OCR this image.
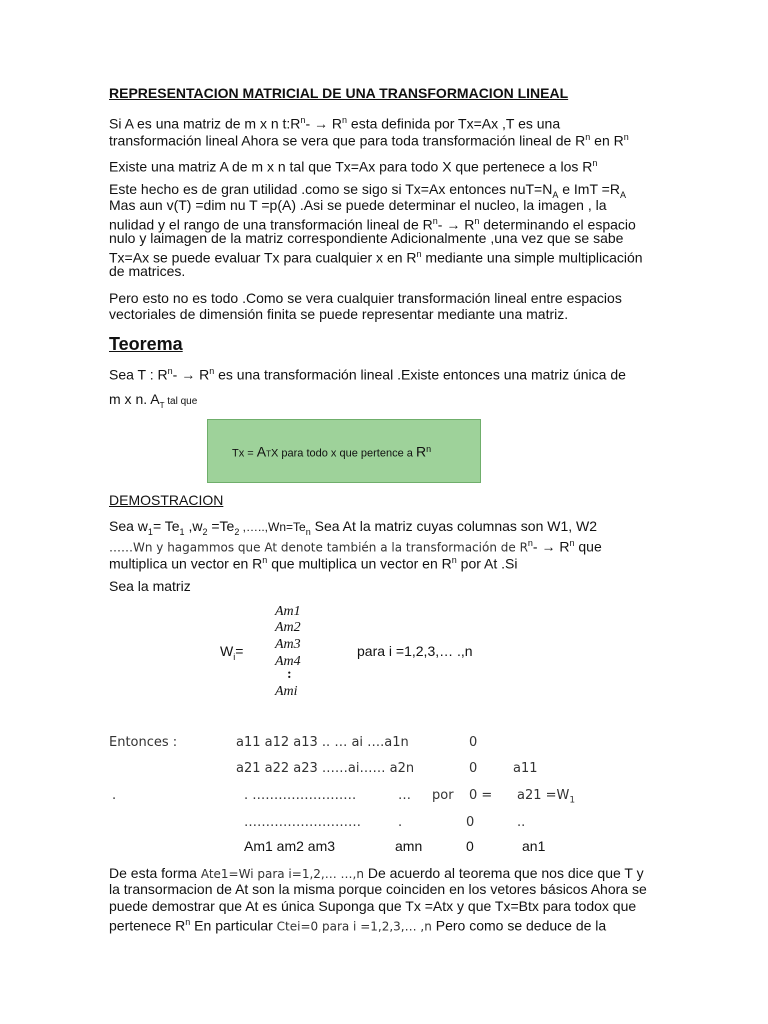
REPRESENTACION MATRICIAL DE UNA TRANSFORMACION LINEAL
Si A es una matriz de m x n $t:R^n- \to R^n$ esta definida por Tx=Ax ,T es una
transformación lineal Ahora se vera que para toda transformación lineal de $R^n$ en $R^n$
Existe una matriz A de m x n tal que Tx=Ax para todo X que pertenece a los $R^n$
Este hecho es de gran utilidad .como se sigo si Tx=Ax entonces $nuT=N_A$ e ImT $=R_A$
Mas aun v(T) =dim nu T =p(A) .Asi se puede determinar el nucleo, la imagen , la
nulidad y el rango de una transformación lineal de $R^n- \to R^n$ determinando el espacio
nulo y laimagen de la matriz correspondiente Adicionalmente ,una vez que se sabe
Tx=Ax se puede evaluar Tx para cualquier x en $R^n$ mediante una simple multiplicación
de matrices.
Pero esto no es todo .Como se vera cualquier transformación lineal entre espacios
vectoriales de dimensión finita se puede representar mediante una matriz.
Teorema
Sea T : $R^n- \to R^n$ es una transformación lineal .Existe entonces una matriz única de
m x n. $A_T$ tal que
Tx = ATX para todo x que pertence a $R^n$
DEMOSTRACION
Sea $w_1= Te_1$ $,w_2 =Te_2$ $,\dots..,Wn=Te_n$ Sea At la matriz cuyas columnas son W1, W2
……Wn y hagammos que At denote también a la transformación de $R^n- \to R^n$ que
multiplica un vector en $R^n$ que multiplica un vector en $R^n$ por At .Si
Sea la matriz
$W_i=$
Am1
Am2
Am3
Am4
:
Ami
para i =1,2,3,… .,n
Entonces :	a11 a12 a13 .. … ai ….a1n	0
a21 a22 a23 ……ai…… a2n	0	a11
.	. ……………………	… por $0 = a21 =W_1$
………………………	.	0	..
Am1 am2 am3	amn	0	an1
De esta forma Ate1=Wi para i=1,2,… …,n De acuerdo al teorema que nos dice que T y
la transormacion de At son la misma porque coinciden en los vetores básicos Ahora se
puede demostrar que At es única Suponga que Tx =Atx y que Tx=Btx para todox que
pertenece $R^n$ En particular Ctei=0 para i =1,2,3,… ,n Pero como se deduce de la
